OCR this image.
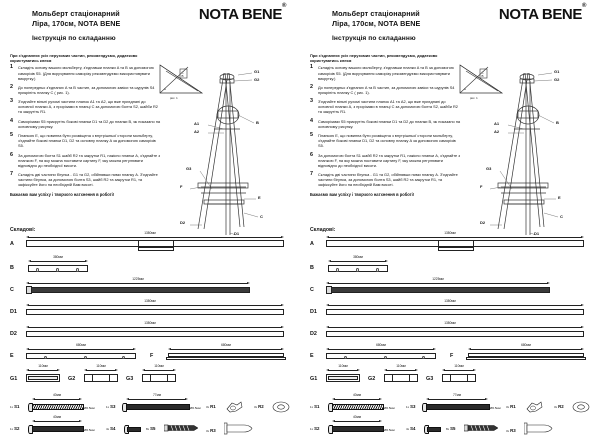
Мольберт стаціонарний
Ліра, 170см, NOTA BENE
Інструкція по складанню
NOTA BENE®
При з'єднаннях усіх нерухомих частин, рекомендуємо, додатково користуватись клеєм
1	Складіть основу вашого мольберту, з'єднавши планки A та B за допомогою саморізів S5. (Для вкручування саморізу рекомендуємо використовувати викрутку.)
2	До попередньо з'єднаних A та B частин, за допомогою завіси та шурупів S4 прикріпіть планку C ( рис. 1).
3	З'єднайте вільні рухомі частини планок A1 та A2, що вже приєднані до основної планки A, з прорізами в планці C за допомогою болта S2, шайби R2 та закрутіть R1.
4	Саморізами S5 прикрутіть бокові планки D1 та D2 до планки B, як показано на основному рисунку.
5	Планкою E, що повинна бути розміщена з внутрішньої сторони мольберту, з'єднайте бокові планки D1, D2 та основну планку A за допомогою саморізів S5.
6	За допомогою болта S1 шайб R2 та закрутки R1, накісно планки A, з'єднайте з планкою F, на яку можна поставити картину F, яку можна регулювати відповідно до необхідної висоти.
7	Складіть дві частини бігунка - G1 та G2, обійнявши ними планку A. З'єднайте частини бігунка, за допомогою болта S3, шайб R2 та закрутки R1, та зафіксуйте його на необхідній Вам висоті.
Бажаємо вам успіху і творчого натхнення в роботі!
C
B
A
рис. 1
G1
G2
B
A1
A2
G3
F
E
C
D1
D2
Складові:
A
1380мм
B
380мм
C
1225мм
D1
1380мм
D2
1380мм
E
680мм
F
680мм
G1
110мм
G2
110мм
G3
110мм
1x S1
40мм
Ø6.5мм
1x S2
40мм
Ø6.5мм
1x S3
77мм
Ø6.5мм
4x S4	8x S5
3x R1	3x R2
3x R3
Мольберт стаціонарний
Ліра, 170см, NOTA BENE
Інструкція по складанню
NOTA BENE®
При з'єднаннях усіх нерухомих частин, рекомендуємо, додатково користуватись клеєм
1	Складіть основу вашого мольберту, з'єднавши планки A та B за допомогою саморізів S5. (Для вкручування саморізу рекомендуємо використовувати викрутку.)
2	До попередньо з'єднаних A та B частин, за допомогою завіси та шурупів S4 прикріпіть планку C ( рис. 1).
3	З'єднайте вільні рухомі частини планок A1 та A2, що вже приєднані до основної планки A, з прорізами в планці C за допомогою болта S2, шайби R2 та закрутіть R1.
4	Саморізами S5 прикрутіть бокові планки D1 та D2 до планки B, як показано на основному рисунку.
5	Планкою E, що повинна бути розміщена з внутрішньої сторони мольберту, з'єднайте бокові планки D1, D2 та основну планку A за допомогою саморізів S5.
6	За допомогою болта S1 шайб R2 та закрутки R1, накісно планки A, з'єднайте з планкою F, на яку можна поставити картину F, яку можна регулювати відповідно до необхідної висоти.
7	Складіть дві частини бігунка - G1 та G2, обійнявши ними планку A. З'єднайте частини бігунка, за допомогою болта S3, шайб R2 та закрутки R1, та зафіксуйте його на необхідній Вам висоті.
Бажаємо вам успіху і творчого натхнення в роботі!
C
B
A
рис. 1
G1
G2
B
A1
A2
G3
F
E
C
D1
D2
Складові:
A
1380мм
B
380мм
C
1225мм
D1
1380мм
D2
1380мм
E
680мм
F
680мм
G1
110мм
G2
110мм
G3
110мм
1x S1
40мм
Ø6.5мм
1x S2
40мм
Ø6.5мм
1x S3
77мм
Ø6.5мм
4x S4	8x S5
3x R1	3x R2
3x R3
